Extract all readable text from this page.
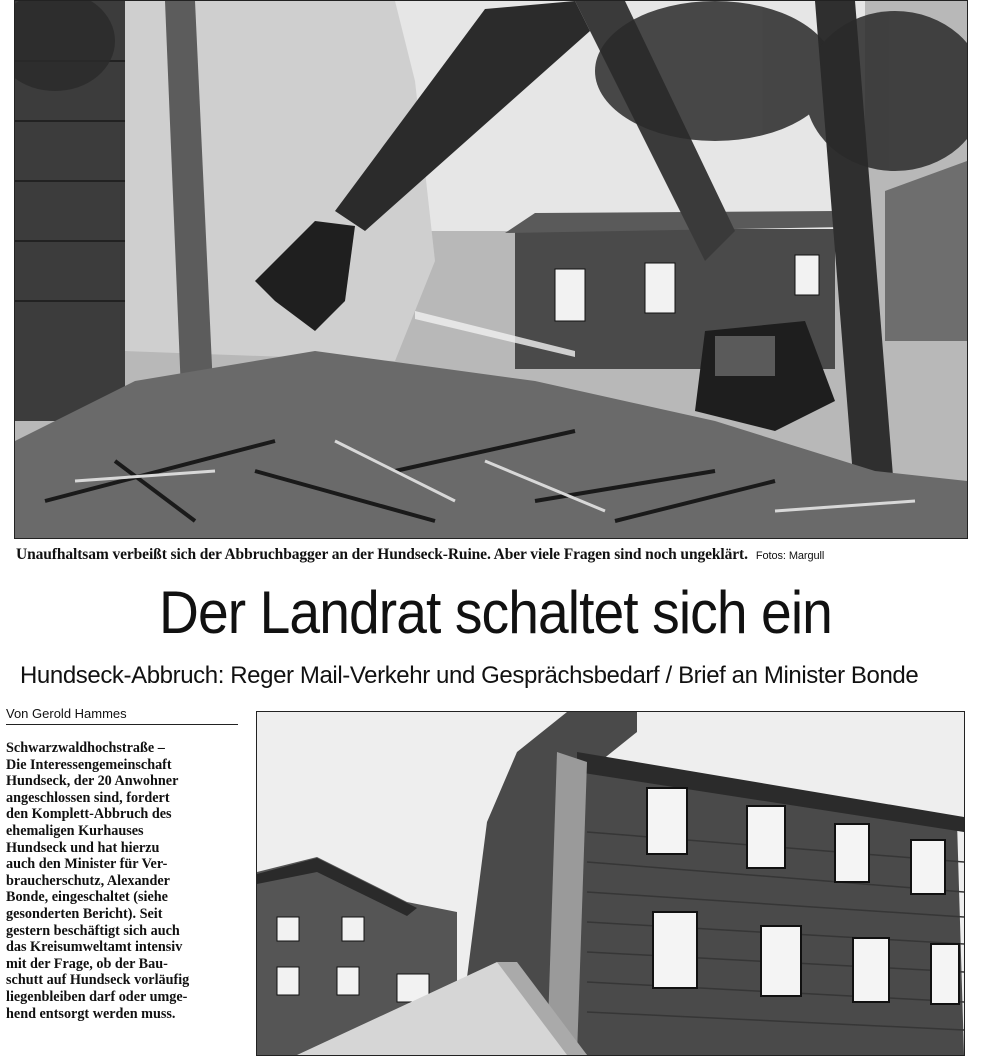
Unaufhaltsam verbeißt sich der Abbruchbagger an der Hundseck-Ruine. Aber viele Fragen sind noch ungeklärt. Fotos: Margull
Der Landrat schaltet sich ein
Hundseck-Abbruch: Reger Mail-Verkehr und Gesprächsbedarf / Brief an Minister Bonde
Von Gerold Hammes

Schwarzwaldhochstraße –
Die Interessengemeinschaft
Hundseck, der 20 Anwohner
angeschlossen sind, fordert
den Komplett-Abbruch des
ehemaligen Kurhauses
Hundseck und hat hierzu
auch den Minister für Ver-
braucherschutz, Alexander
Bonde, eingeschaltet (siehe
gesonderten Bericht). Seit
gestern beschäftigt sich auch
das Kreisumweltamt intensiv
mit der Frage, ob der Bau-
schutt auf Hundseck vorläufig
liegenbleiben darf oder umge-
hend entsorgt werden muss.
